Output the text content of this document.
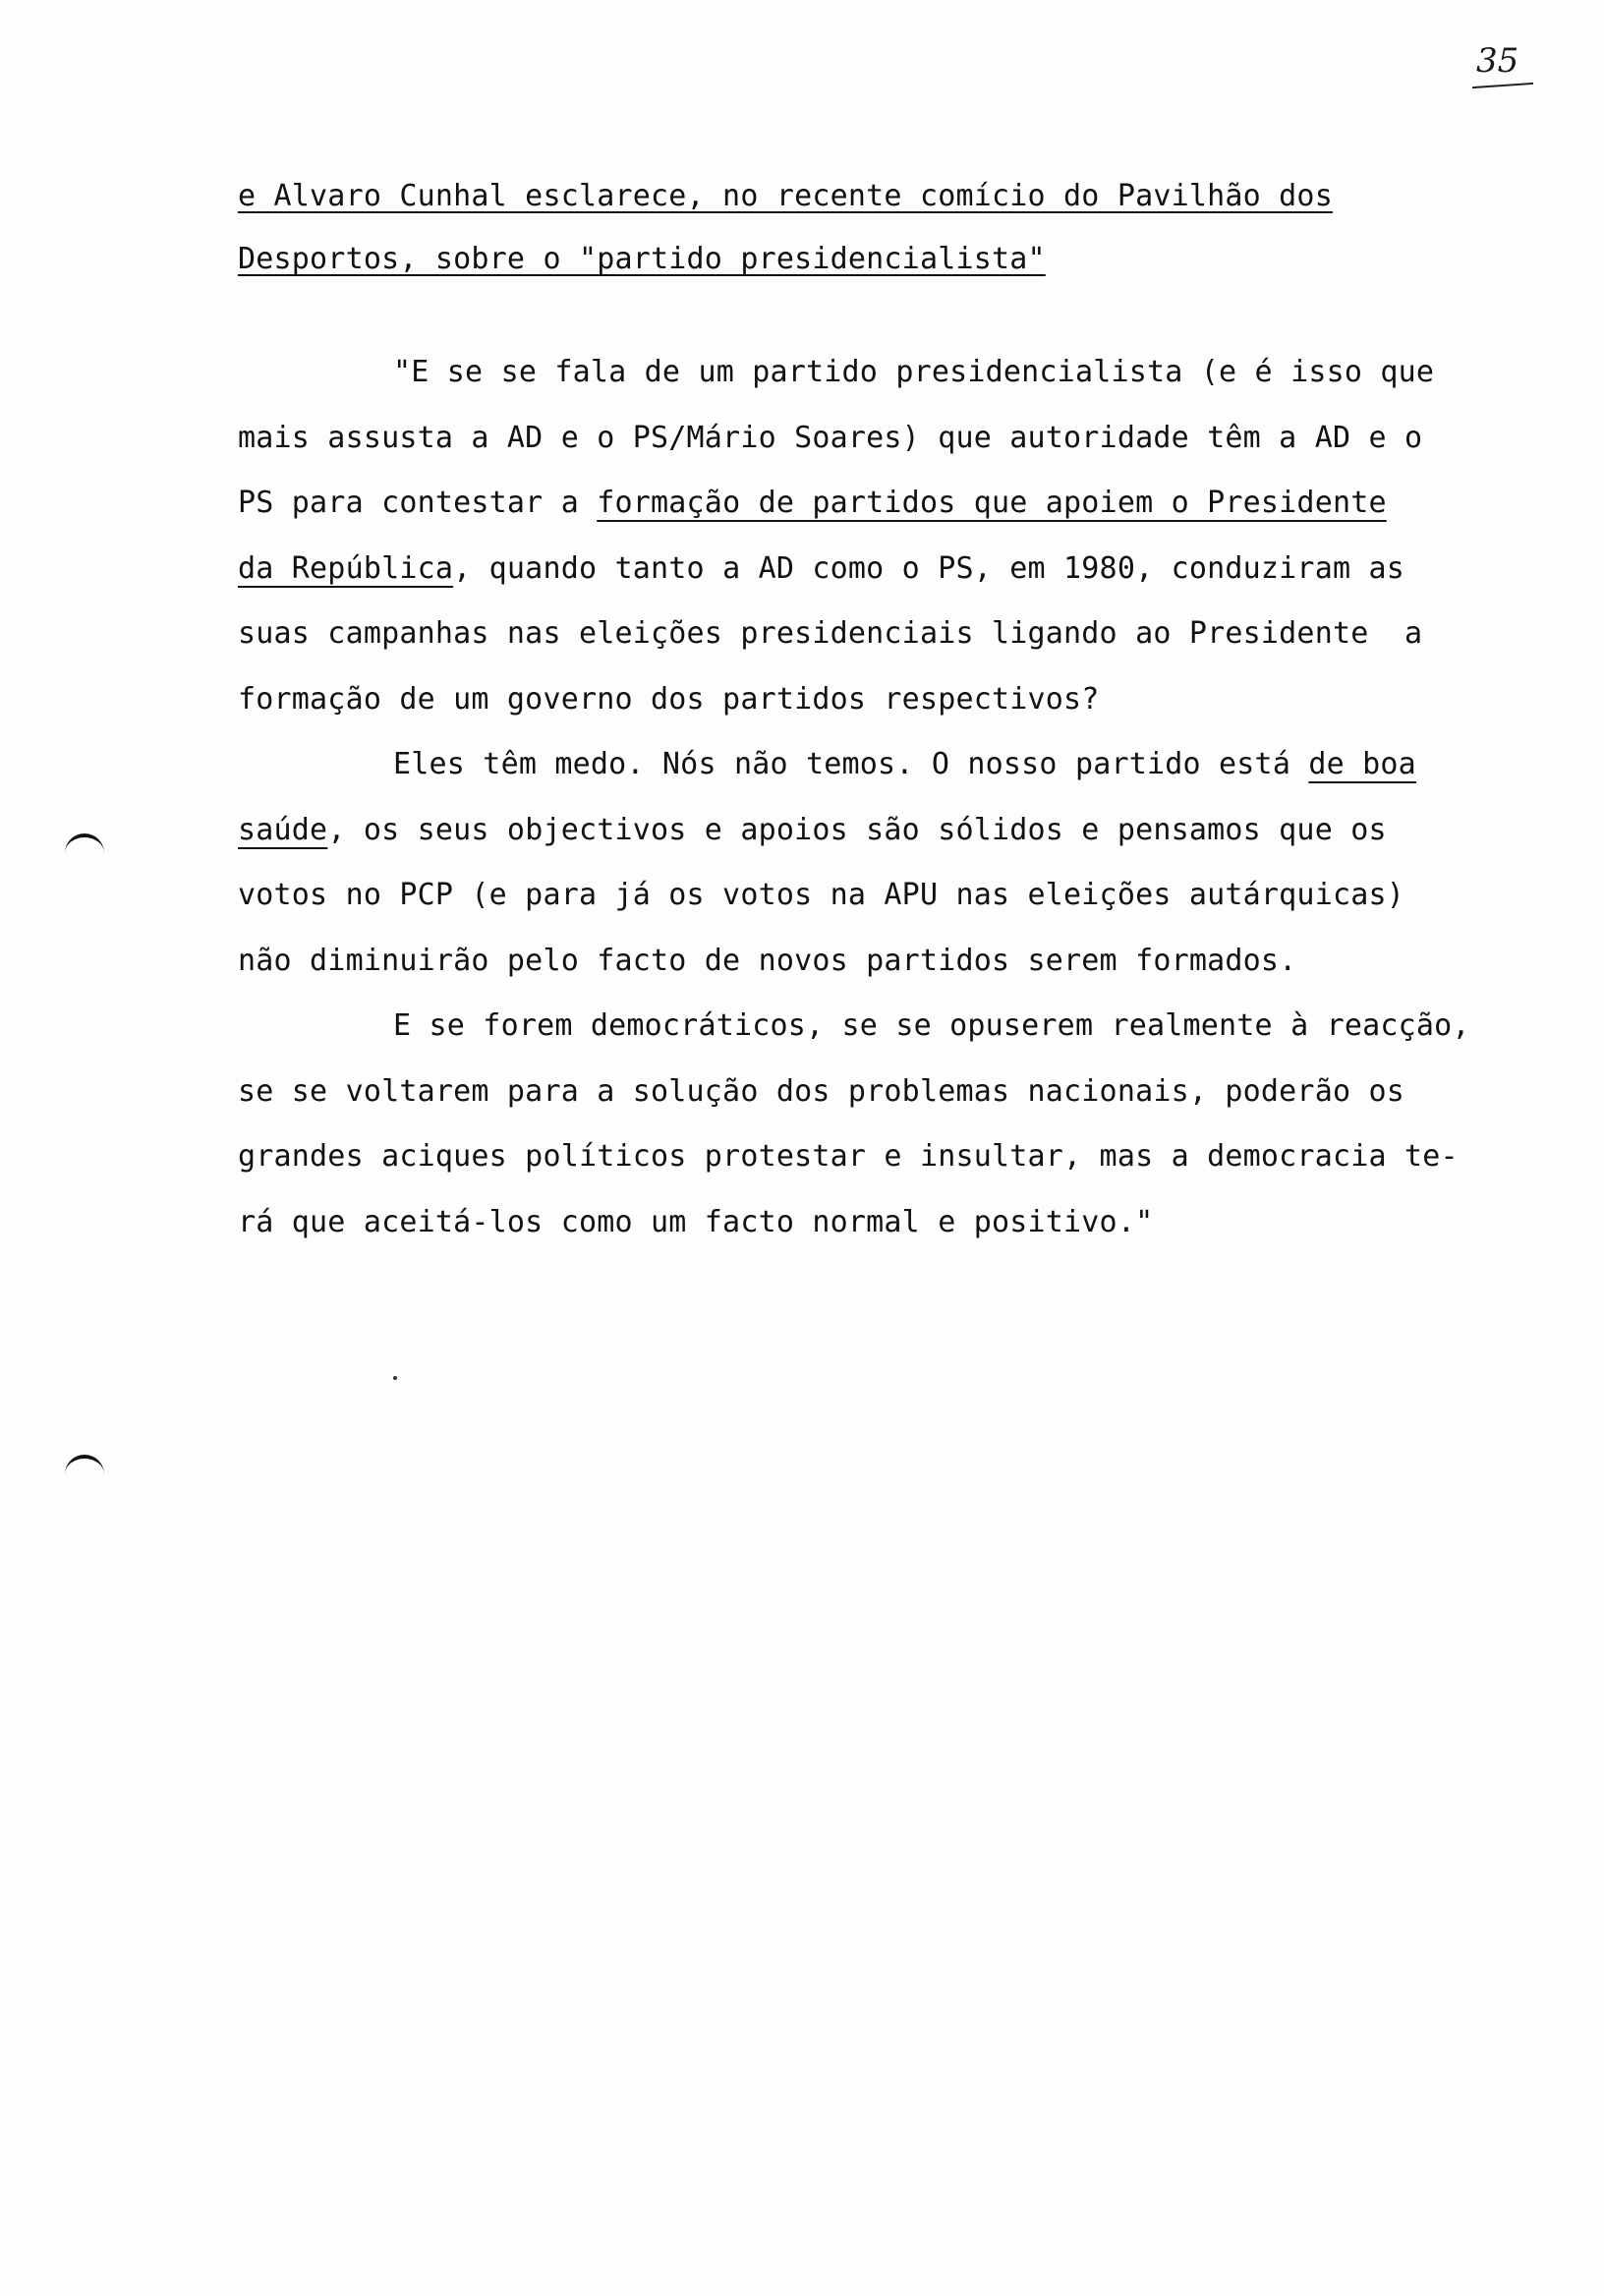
35
e Alvaro Cunhal esclarece, no recente comício do Pavilhão dos
Desportos, sobre o "partido presidencialista"
"E se se fala de um partido presidencialista (e é isso que
mais assusta a AD e o PS/Mário Soares) que autoridade têm a AD e o
PS para contestar a formação de partidos que apoiem o Presidente
da República, quando tanto a AD como o PS, em 1980, conduziram as
suas campanhas nas eleições presidenciais ligando ao Presidente  a
formação de um governo dos partidos respectivos?
Eles têm medo. Nós não temos. O nosso partido está de boa
saúde, os seus objectivos e apoios são sólidos e pensamos que os
votos no PCP (e para já os votos na APU nas eleições autárquicas)
não diminuirão pelo facto de novos partidos serem formados.
E se forem democráticos, se se opuserem realmente à reacção,
se se voltarem para a solução dos problemas nacionais, poderão os
grandes aciques políticos protestar e insultar, mas a democracia te-
rá que aceitá-los como um facto normal e positivo."
